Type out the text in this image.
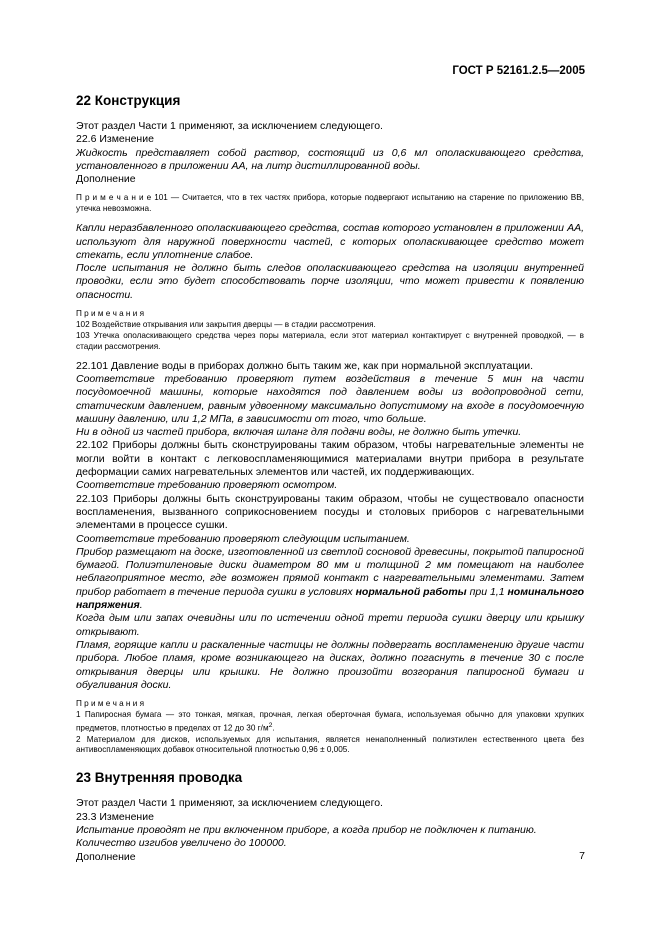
ГОСТ Р 52161.2.5—2005
22 Конструкция

Этот раздел Части 1 применяют, за исключением следующего.

22.6 Изменение

Жидкость представляет собой раствор, состоящий из 0,6 мл ополаскивающего средства, установленного в приложении АА, на литр дистиллированной воды.

Дополнение

П р и м е ч а н и е 101 — Считается, что в тех частях прибора, которые подвергают испытанию на старение по приложению ВВ, утечка невозможна.

Капли неразбавленного ополаскивающего средства, состав которого установлен в приложении АА, используют для наружной поверхности частей, с которых ополаскивающее средство может стекать, если уплотнение слабое.

После испытания не должно быть следов ополаскивающего средства на изоляции внутренней проводки, если это будет способствовать порче изоляции, что может привести к появлению опасности.

П р и м е ч а н и я

102 Воздействие открывания или закрытия дверцы — в стадии рассмотрения.

103 Утечка ополаскивающего средства через поры материала, если этот материал контактирует с внутренней проводкой, — в стадии рассмотрения.

22.101 Давление воды в приборах должно быть таким же, как при нормальной эксплуатации.

Соответствие требованию проверяют путем воздействия в течение 5 мин на части посудомоечной машины, которые находятся под давлением воды из водопроводной сети, статическим давлением, равным удвоенному максимально допустимому на входе в посудомоечную машину давлению, или 1,2 МПа, в зависимости от того, что больше.

Ни в одной из частей прибора, включая шланг для подачи воды, не должно быть утечки.

22.102 Приборы должны быть сконструированы таким образом, чтобы нагревательные элементы не могли войти в контакт с легковоспламеняющимися материалами внутри прибора в результате деформации самих нагревательных элементов или частей, их поддерживающих.

Соответствие требованию проверяют осмотром.

22.103 Приборы должны быть сконструированы таким образом, чтобы не существовало опасности воспламенения, вызванного соприкосновением посуды и столовых приборов с нагревательными элементами в процессе сушки.

Соответствие требованию проверяют следующим испытанием.

Прибор размещают на доске, изготовленной из светлой сосновой древесины, покрытой папиросной бумагой. Полиэтиленовые диски диаметром 80 мм и толщиной 2 мм помещают на наиболее неблагоприятное место, где возможен прямой контакт с нагревательными элементами. Затем прибор работает в течение периода сушки в условиях нормальной работы при 1,1 номинального напряжения.

Когда дым или запах очевидны или по истечении одной трети периода сушки дверцу или крышку открывают.

Пламя, горящие капли и раскаленные частицы не должны подвергать воспламенению другие части прибора. Любое пламя, кроме возникающего на дисках, должно погаснуть в течение 30 с после открывания дверцы или крышки. Не должно произойти возгорания папиросной бумаги и обугливания доски.

П р и м е ч а н и я

1 Папиросная бумага — это тонкая, мягкая, прочная, легкая оберточная бумага, используемая обычно для упаковки хрупких предметов, плотностью в пределах от 12 до 30 $г/м^2$.

2 Материалом для дисков, используемых для испытания, является ненаполненный полиэтилен естественного цвета без антивоспламеняющих добавок относительной плотностью 0,96 ± 0,005.

23 Внутренняя проводка

Этот раздел Части 1 применяют, за исключением следующего.

23.3 Изменение

Испытание проводят не при включенном приборе, а когда прибор не подключен к питанию.

Количество изгибов увеличено до 100000.

Дополнение	7
